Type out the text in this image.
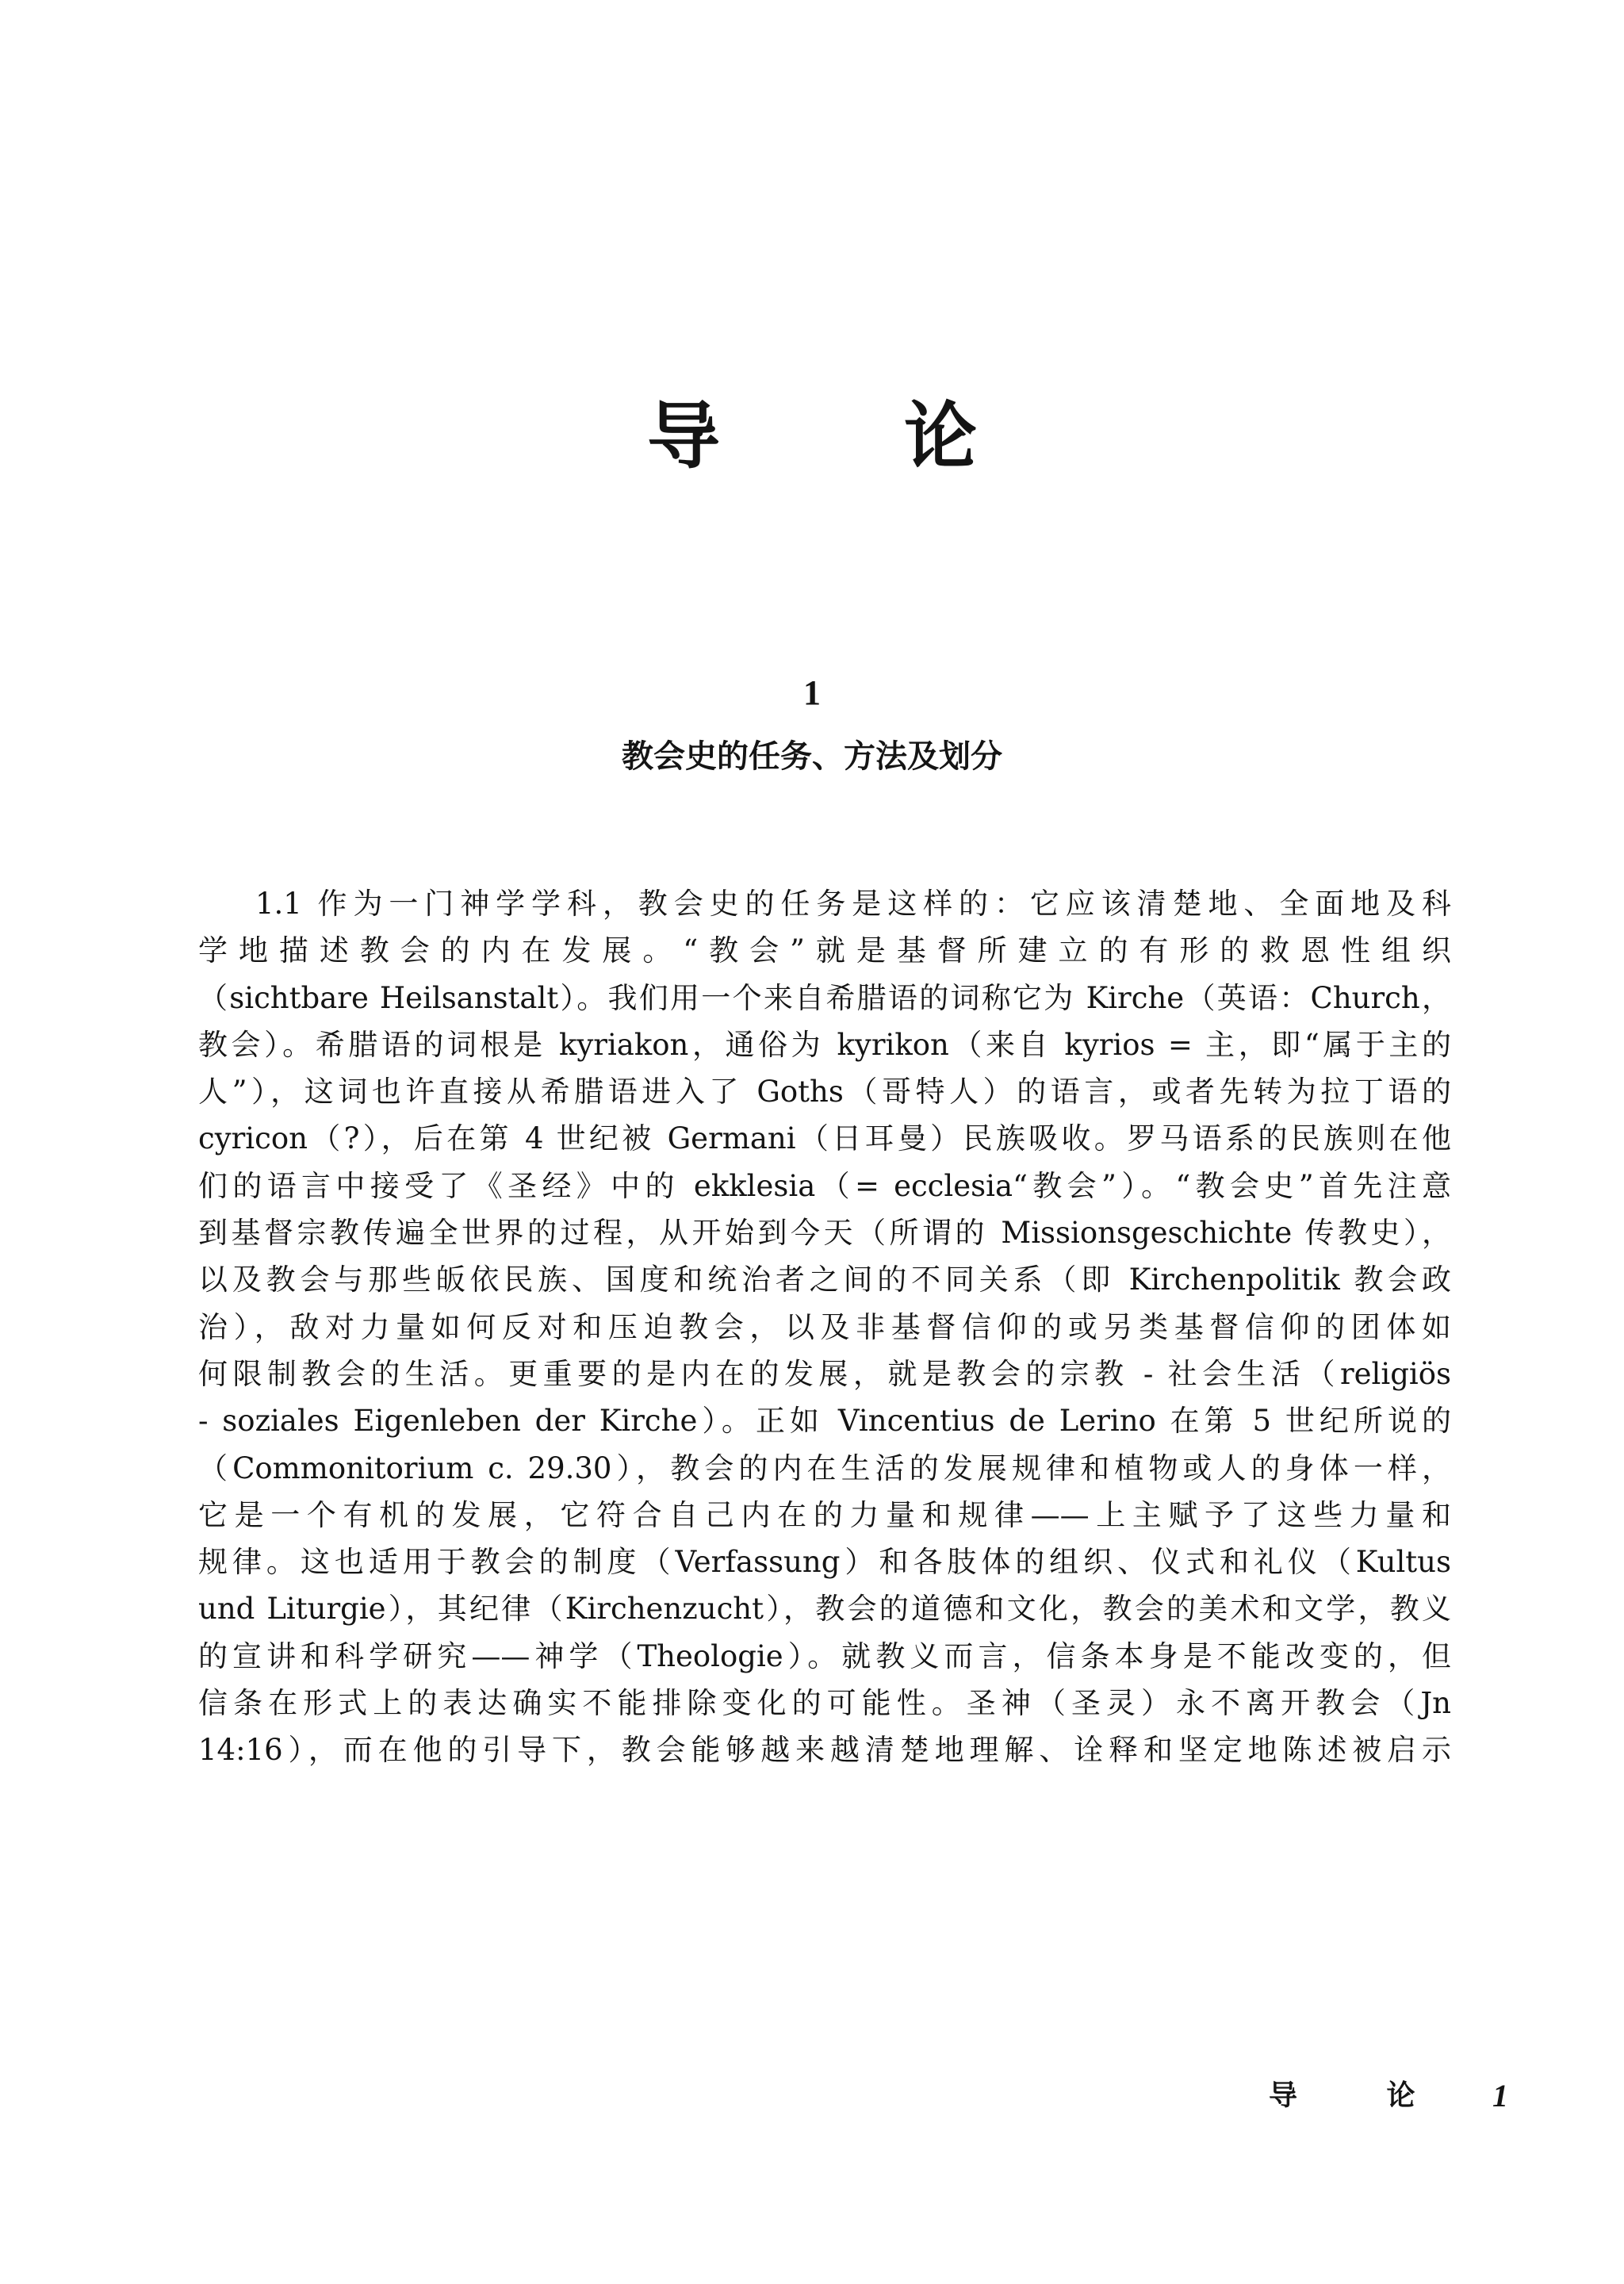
导 论
1
教会史的任务、方法及划分
1.1 作为一门神学学科，教会史的任务是这样的：它应该清楚地、全面地及科
学地描述教会的内在发展。“教会”就是基督所建立的有形的救恩性组织
（sichtbare Heilsanstalt）。我们用一个来自希腊语的词称它为 Kirche（英语：Church，
教会）。希腊语的词根是 kyriakon，通俗为 kyrikon（来自 kyrios = 主，即“属于主的
人”），这词也许直接从希腊语进入了 Goths（哥特人）的语言，或者先转为拉丁语的
cyricon（?），后在第 4 世纪被 Germani（日耳曼）民族吸收。罗马语系的民族则在他
们的语言中接受了《圣经》中的 ekklesia（= ecclesia“教会”）。“教会史”首先注意
到基督宗教传遍全世界的过程，从开始到今天（所谓的 Missionsgeschichte 传教史），
以及教会与那些皈依民族、国度和统治者之间的不同关系（即 Kirchenpolitik 教会政
治），敌对力量如何反对和压迫教会，以及非基督信仰的或另类基督信仰的团体如
何限制教会的生活。更重要的是内在的发展，就是教会的宗教 - 社会生活（religiös
- soziales Eigenleben der Kirche）。正如 Vincentius de Lerino 在第 5 世纪所说的
（Commonitorium c. 29.30），教会的内在生活的发展规律和植物或人的身体一样，
它是一个有机的发展，它符合自己内在的力量和规律——上主赋予了这些力量和
规律。这也适用于教会的制度（Verfassung）和各肢体的组织、仪式和礼仪（Kultus
und Liturgie），其纪律（Kirchenzucht），教会的道德和文化，教会的美术和文学，教义
的宣讲和科学研究——神学（Theologie）。就教义而言，信条本身是不能改变的，但
信条在形式上的表达确实不能排除变化的可能性。圣神（圣灵）永不离开教会（Jn
14:16），而在他的引导下，教会能够越来越清楚地理解、诠释和坚定地陈述被启示
导 论 1
